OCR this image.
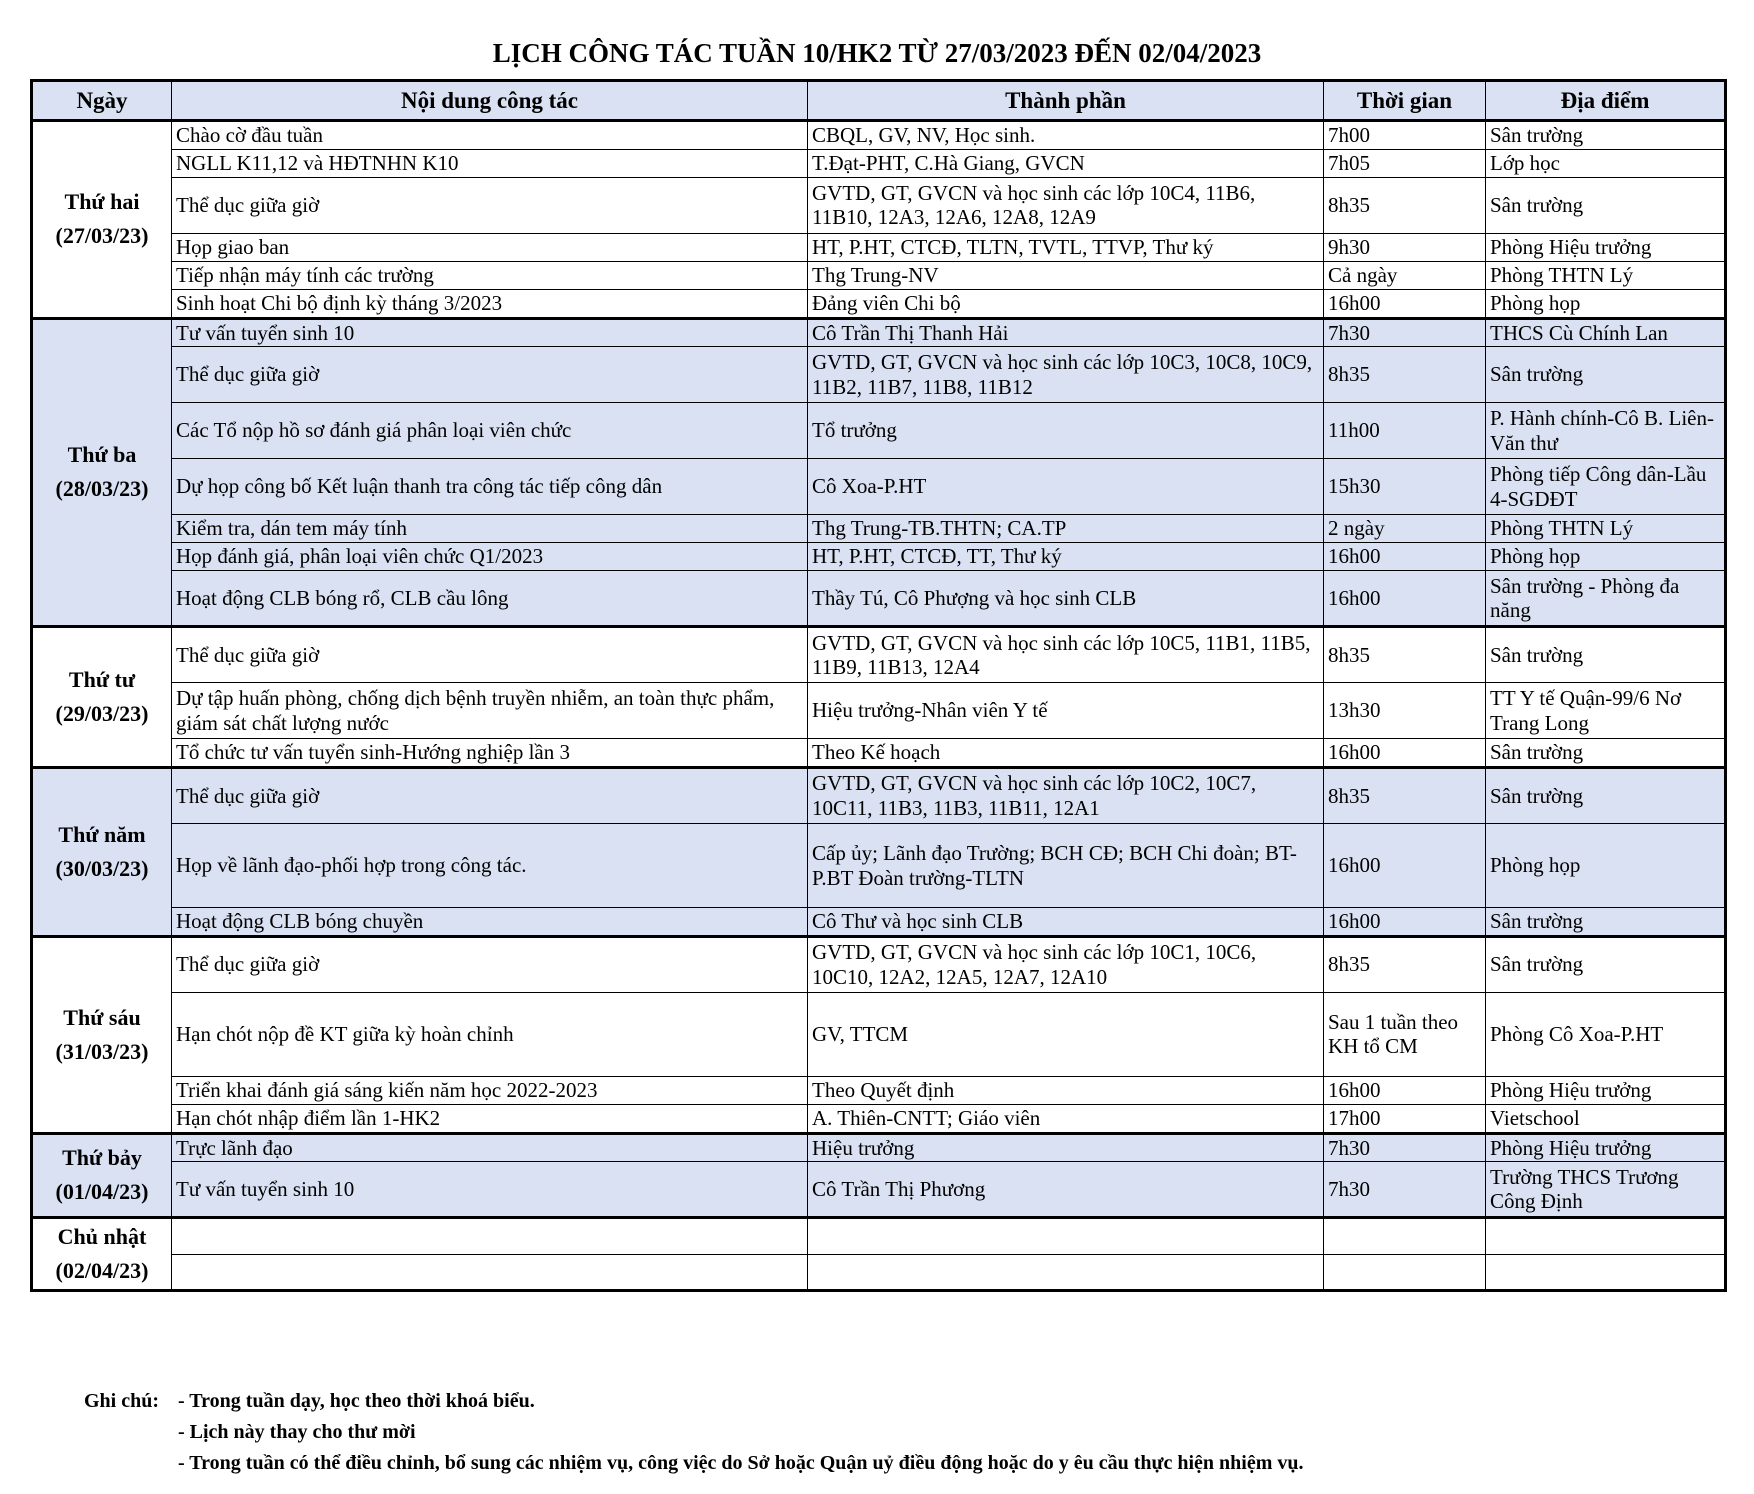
LỊCH CÔNG TÁC TUẦN 10/HK2 TỪ 27/03/2023 ĐẾN 02/04/2023
Ngày	Nội dung công tác	Thành phần	Thời gian	Địa điểm

Thứ hai
(27/03/23)	Chào cờ đầu tuần	CBQL, GV, NV, Học sinh.	7h00	Sân trường
	NGLL K11,12 và HĐTNHN K10	T.Đạt-PHT, C.Hà Giang, GVCN	7h05	Lớp học
	Thể dục giữa giờ	GVTD, GT, GVCN và học sinh các lớp 10C4, 11B6, 11B10, 12A3, 12A6, 12A8, 12A9	8h35	Sân trường
	Họp giao ban	HT, P.HT, CTCĐ, TLTN, TVTL, TTVP, Thư ký	9h30	Phòng Hiệu trưởng
	Tiếp nhận máy tính các trường	Thg Trung-NV	Cả ngày	Phòng THTN Lý
	Sinh hoạt Chi bộ định kỳ tháng 3/2023	Đảng viên Chi bộ	16h00	Phòng họp

Thứ ba
(28/03/23)	Tư vấn tuyển sinh 10	Cô Trần Thị Thanh Hải	7h30	THCS Cù Chính Lan
	Thể dục giữa giờ	GVTD, GT, GVCN và học sinh các lớp 10C3, 10C8, 10C9, 11B2, 11B7, 11B8, 11B12	8h35	Sân trường
	Các Tổ nộp hồ sơ đánh giá phân loại viên chức	Tổ trưởng	11h00	P. Hành chính-Cô B. Liên-Văn thư
	Dự họp công bố Kết luận thanh tra công tác tiếp công dân	Cô Xoa-P.HT	15h30	Phòng tiếp Công dân-Lầu 4-SGDĐT
	Kiểm tra, dán tem máy tính	Thg Trung-TB.THTN; CA.TP	2 ngày	Phòng THTN Lý
	Họp đánh giá, phân loại viên chức Q1/2023	HT, P.HT, CTCĐ, TT, Thư ký	16h00	Phòng họp
	Hoạt động CLB bóng rổ, CLB cầu lông	Thầy Tú, Cô Phượng và học sinh CLB	16h00	Sân trường - Phòng đa năng

Thứ tư
(29/03/23)	Thể dục giữa giờ	GVTD, GT, GVCN và học sinh các lớp 10C5, 11B1, 11B5, 11B9, 11B13, 12A4	8h35	Sân trường
	Dự tập huấn phòng, chống dịch bệnh truyền nhiễm, an toàn thực phẩm, giám sát chất lượng nước	Hiệu trưởng-Nhân viên Y tế	13h30	TT Y tế Quận-99/6 Nơ Trang Long
	Tổ chức tư vấn tuyển sinh-Hướng nghiệp lần 3	Theo Kế hoạch	16h00	Sân trường

Thứ năm
(30/03/23)	Thể dục giữa giờ	GVTD, GT, GVCN và học sinh các lớp 10C2, 10C7, 10C11, 11B3, 11B3, 11B11, 12A1	8h35	Sân trường
	Họp về lãnh đạo-phối hợp trong công tác.	Cấp ủy; Lãnh đạo Trường; BCH CĐ; BCH Chi đoàn; BT-P.BT Đoàn trường-TLTN	16h00	Phòng họp
	Hoạt động CLB bóng chuyền	Cô Thư và học sinh CLB	16h00	Sân trường

Thứ sáu
(31/03/23)	Thể dục giữa giờ	GVTD, GT, GVCN và học sinh các lớp 10C1, 10C6, 10C10, 12A2, 12A5, 12A7, 12A10	8h35	Sân trường
	Hạn chót nộp đề KT giữa kỳ hoàn chỉnh	GV, TTCM	Sau 1 tuần theo KH tổ CM	Phòng Cô Xoa-P.HT
	Triển khai đánh giá sáng kiến năm học 2022-2023	Theo Quyết định	16h00	Phòng Hiệu trưởng
	Hạn chót nhập điểm lần 1-HK2	A. Thiên-CNTT; Giáo viên	17h00	Vietschool

Thứ bảy
(01/04/23)	Trực lãnh đạo	Hiệu trưởng	7h30	Phòng Hiệu trưởng
	Tư vấn tuyển sinh 10	Cô Trần Thị Phương	7h30	Trường THCS Trương Công Định

Chủ nhật
(02/04/23)				

Ghi chú: - Trong tuần dạy, học theo thời khoá biểu.
- Lịch này thay cho thư mời
- Trong tuần có thể điều chỉnh, bổ sung các nhiệm vụ, công việc do Sở hoặc Quận uỷ điều động hoặc do y êu cầu thực hiện nhiệm vụ.
